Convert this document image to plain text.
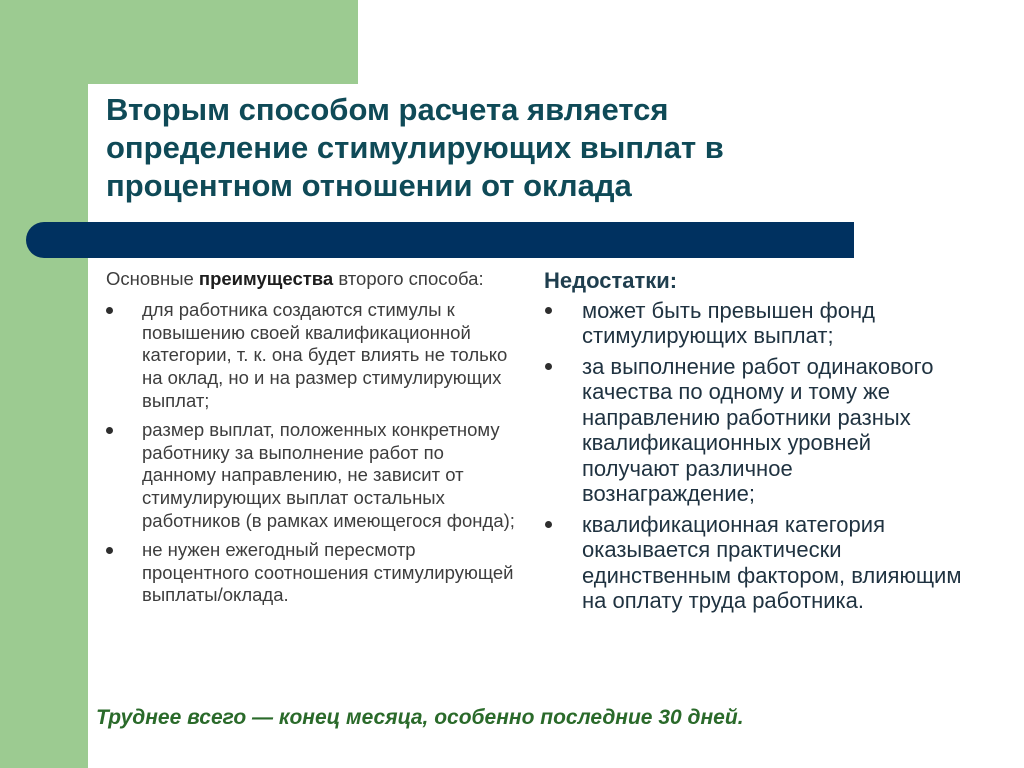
Вторым способом расчета является определение стимулирующих выплат в процентном отношении от оклада

Основные преимущества второго способа:

для работника создаются стимулы к повышению своей квалификационной категории, т. к. она будет влиять не только на оклад, но и на размер стимулирующих выплат;
размер выплат, положенных конкретному работнику за выполнение работ по данному направлению, не зависит от стимулирующих выплат остальных работников (в рамках имеющегося фонда);
не нужен ежегодный пересмотр процентного соотношения стимулирующей выплаты/оклада.

Недостатки:

может быть превышен фонд стимулирующих выплат;
за выполнение работ одинакового качества по одному и тому же направлению работники разных квалификационных уровней получают различное вознаграждение;
квалификационная категория оказывается практически единственным фактором, влияющим на оплату труда работника.

Труднее всего — конец месяца, особенно последние 30 дней.
